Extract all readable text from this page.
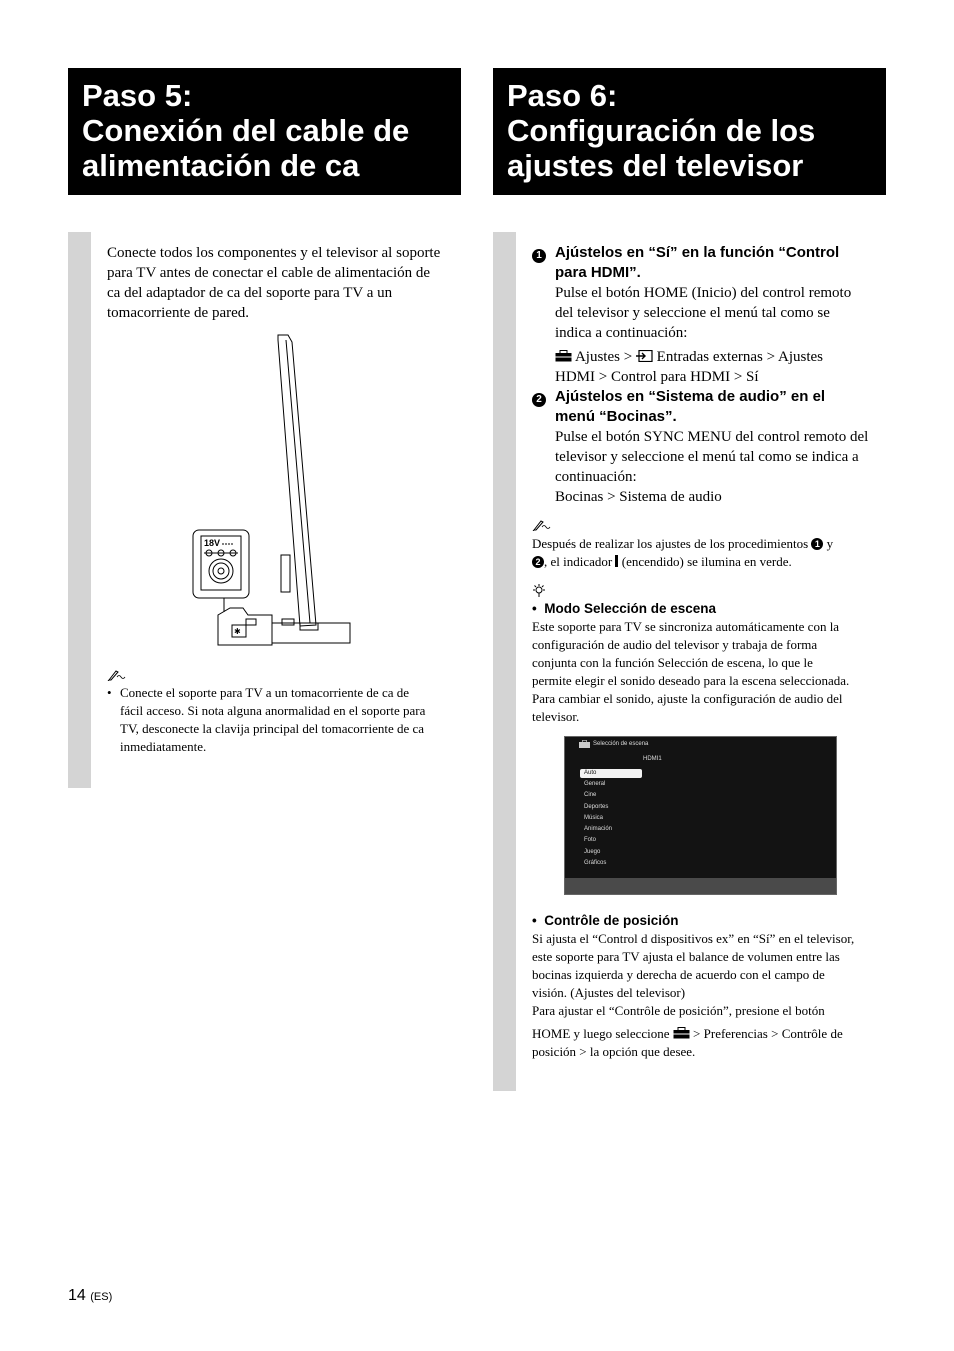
Paso 5:
Conexión del cable de
alimentación de ca
Paso 6:
Configuración de los
ajustes del televisor
Conecte todos los componentes y el televisor al soporte
para TV antes de conectar el cable de alimentación de
ca del adaptador de ca del soporte para TV a un
tomacorriente de pared.
18V
✱
• Conecte el soporte para TV a un tomacorriente de ca de
fácil acceso. Si nota alguna anormalidad en el soporte para
TV, desconecte la clavija principal del tomacorriente de ca
inmediatamente.
1 Ajústelos en “Sí” en la función “Control
para HDMI”.
Pulse el botón HOME (Inicio) del control remoto
del televisor y seleccione el menú tal como se
indica a continuación:
Ajustes > Entradas externas > Ajustes
HDMI > Control para HDMI > Sí
2 Ajústelos en “Sistema de audio” en el
menú “Bocinas”.
Pulse el botón SYNC MENU del control remoto del
televisor y seleccione el menú tal como se indica a
continuación:
Bocinas > Sistema de audio
Después de realizar los ajustes de los procedimientos 1 y
2 , el indicador (encendido) se ilumina en verde.
•  Modo Selección de escena
Este soporte para TV se sincroniza automáticamente con la
configuración de audio del televisor y trabaja de forma
conjunta con la función Selección de escena, lo que le
permite elegir el sonido deseado para la escena seleccionada.
Para cambiar el sonido, ajuste la configuración de audio del
televisor.
Selección de escena
HDMI1
Auto
General
Cine
Deportes
Música
Animación
Foto
Juego
Gráficos
•  Contrôle de posición
Si ajusta el “Control d dispositivos ex” en “Sí” en el televisor,
este soporte para TV ajusta el balance de volumen entre las
bocinas izquierda y derecha de acuerdo con el campo de
visión. (Ajustes del televisor)
Para ajustar el “Contrôle de posición”, presione el botón
HOME y luego seleccione > Preferencias > Contrôle de
posición > la opción que desee.
14 (ES)
